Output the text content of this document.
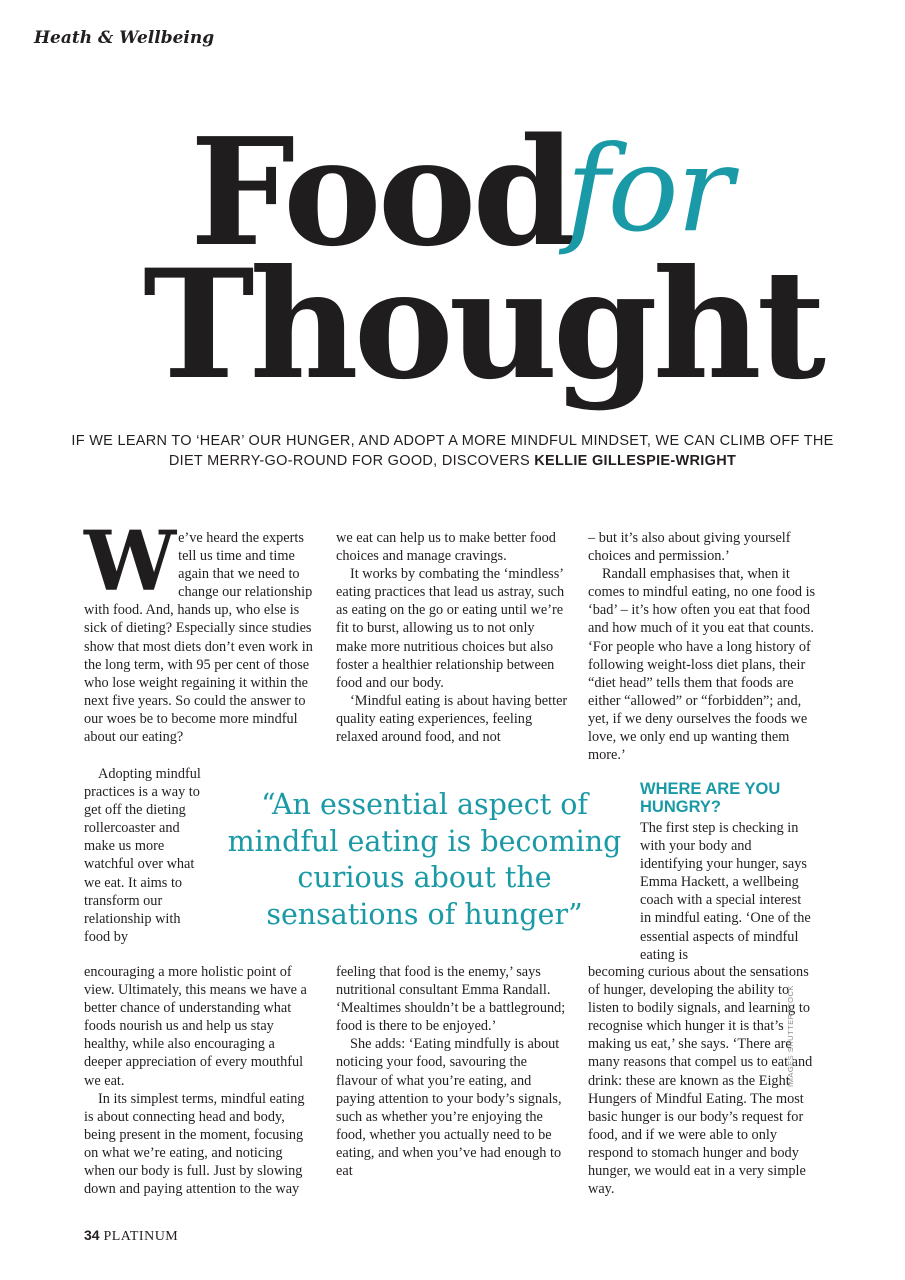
Heath & Wellbeing
Food
Thought
for
IF WE LEARN TO ‘HEAR’ OUR HUNGER, AND ADOPT A MORE MINDFUL MINDSET, WE CAN CLIMB OFF THE DIET MERRY-GO-ROUND FOR GOOD, DISCOVERS KELLIE GILLESPIE-WRIGHT
W e’ve heard the experts tell us time and time again that we need to change our relationship with food. And, hands up, who else is sick of dieting? Especially since studies show that most diets don’t even work in the long term, with 95 per cent of those who lose weight regaining it within the next five years. So could the answer to our woes be to become more mindful about our eating?

Adopting mindful practices is a way to get off the dieting rollercoaster and make us more watchful over what we eat. It aims to transform our relationship with food by

encouraging a more holistic point of view. Ultimately, this means we have a better chance of understanding what foods nourish us and help us stay healthy, while also encouraging a deeper appreciation of every mouthful we eat.

In its simplest terms, mindful eating is about connecting head and body, being present in the moment, focusing on what we’re eating, and noticing when our body is full. Just by slowing down and paying attention to the way

we eat can help us to make better food choices and manage cravings.

It works by combating the ‘mindless’ eating practices that lead us astray, such as eating on the go or eating until we’re fit to burst, allowing us to not only make more nutritious choices but also foster a healthier relationship between food and our body.

‘Mindful eating is about having better quality eating experiences, feeling relaxed around food, and not

feeling that food is the enemy,’ says nutritional consultant Emma Randall. ‘Mealtimes shouldn’t be a battleground; food is there to be enjoyed.’

She adds: ‘Eating mindfully is about noticing your food, savouring the flavour of what you’re eating, and paying attention to your body’s signals, such as whether you’re enjoying the food, whether you actually need to be eating, and when you’ve had enough to eat

– but it’s also about giving yourself choices and permission.’

Randall emphasises that, when it comes to mindful eating, no one food is ‘bad’ – it’s how often you eat that food and how much of it you eat that counts. ‘For people who have a long history of following weight-loss diet plans, their “diet head” tells them that foods are either “allowed” or “forbidden”; and, yet, if we deny ourselves the foods we love, we only end up wanting them more.’

WHERE ARE YOU HUNGRY?

The first step is checking in with your body and identifying your hunger, says Emma Hackett, a wellbeing coach with a special interest in mindful eating. ‘One of the essential aspects of mindful eating is

becoming curious about the sensations of hunger, developing the ability to listen to bodily signals, and learning to recognise which hunger it is that’s making us eat,’ she says. ‘There are many reasons that compel us to eat and drink: these are known as the Eight Hungers of Mindful Eating. The most basic hunger is our body’s request for food, and if we were able to only respond to stomach hunger and body hunger, we would eat in a very simple way.

“An essential aspect of mindful eating is becoming curious about the sensations of hunger”
34 PLATINUM
IMAGES SHUTTERSTOCK
